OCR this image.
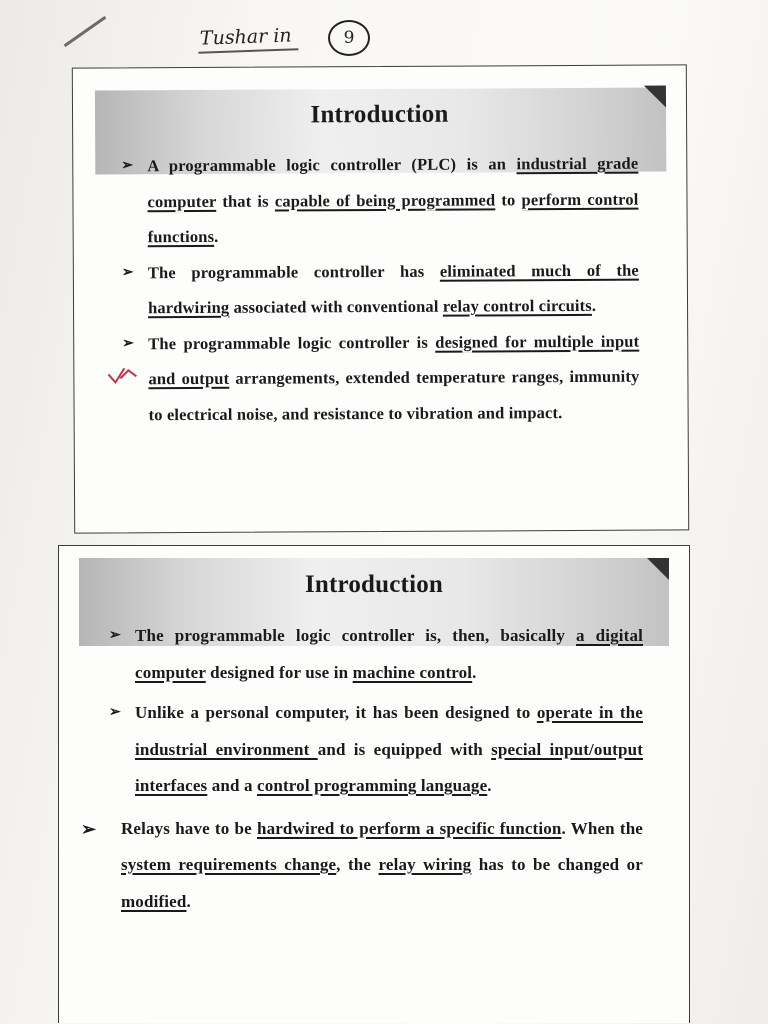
Tushar in	9
Introduction
➢ A programmable logic controller (PLC) is an industrial grade computer that is capable of being programmed to perform control functions.
➢ The programmable controller has eliminated much of the hardwiring associated with conventional relay control circuits.
➢ The programmable logic controller is designed for multiple input and output arrangements, extended temperature ranges, immunity to electrical noise, and resistance to vibration and impact.
Introduction
➢ The programmable logic controller is, then, basically a digital computer designed for use in machine control.
➢ Unlike a personal computer, it has been designed to operate in the industrial environment and is equipped with special input/output interfaces and a control programming language.
➢ Relays have to be hardwired to perform a specific function. When the system requirements change, the relay wiring has to be changed or modified.
